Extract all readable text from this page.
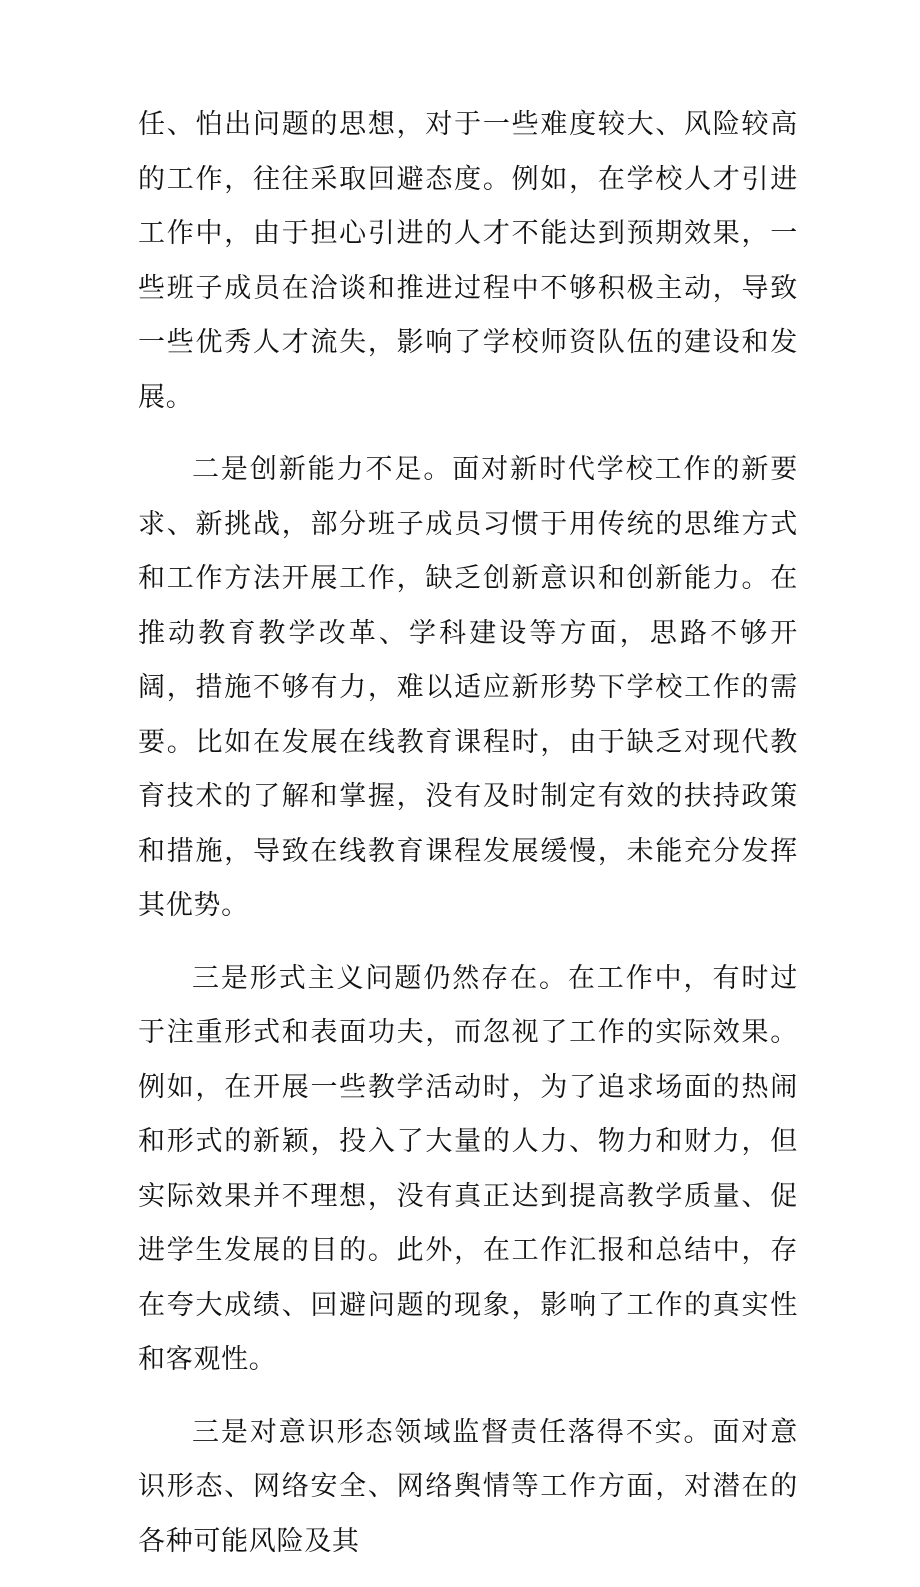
任、怕出问题的思想，对于一些难度较大、风险较高的工作，往往采取回避态度。例如，在学校人才引进工作中，由于担心引进的人才不能达到预期效果，一些班子成员在洽谈和推进过程中不够积极主动，导致一些优秀人才流失，影响了学校师资队伍的建设和发展。

二是创新能力不足。面对新时代学校工作的新要求、新挑战，部分班子成员习惯于用传统的思维方式和工作方法开展工作，缺乏创新意识和创新能力。在推动教育教学改革、学科建设等方面，思路不够开阔，措施不够有力，难以适应新形势下学校工作的需要。比如在发展在线教育课程时，由于缺乏对现代教育技术的了解和掌握，没有及时制定有效的扶持政策和措施，导致在线教育课程发展缓慢，未能充分发挥其优势。

三是形式主义问题仍然存在。在工作中，有时过于注重形式和表面功夫，而忽视了工作的实际效果。例如，在开展一些教学活动时，为了追求场面的热闹和形式的新颖，投入了大量的人力、物力和财力，但实际效果并不理想，没有真正达到提高教学质量、促进学生发展的目的。此外，在工作汇报和总结中，存在夸大成绩、回避问题的现象，影响了工作的真实性和客观性。

三是对意识形态领域监督责任落得不实。面对意识形态、网络安全、网络舆情等工作方面，对潜在的各种可能风险及其
